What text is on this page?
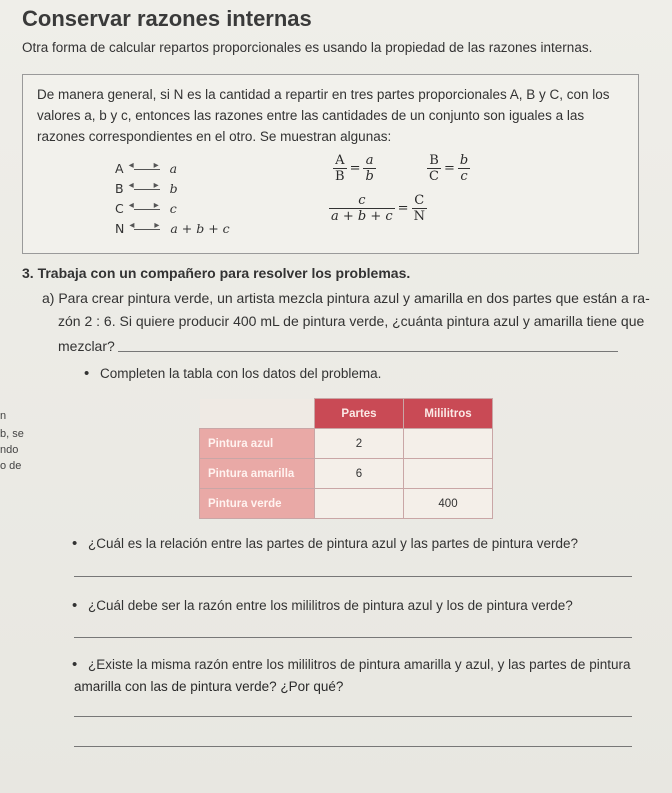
Conservar razones internas
Otra forma de calcular repartos proporcionales es usando la propiedad de las razones internas.
De manera general, si N es la cantidad a repartir en tres partes proporcionales A, B y C, con los
valores a, b y c, entonces las razones entre las cantidades de un conjunto son iguales a las
razones correspondientes en el otro. Se muestran algunas:
A ◂▸	a
B ◂▸	b
C ◂▸	c
N ◂▸	a + b + c
$\frac{A}{B} = \frac{a}{b}$	$\frac{B}{C} = \frac{b}{c}$
$\frac{c}{a + b + c} = \frac{C}{N}$
3. Trabaja con un compañero para resolver los problemas.
a) Para crear pintura verde, un artista mezcla pintura azul y amarilla en dos partes que están a ra-
zón 2 : 6. Si quiere producir 400 mL de pintura verde, ¿cuánta pintura azul y amarilla tiene que
mezclar?
• Completen la tabla con los datos del problema.
n
b, se
ndo
o de
	Partes	Mililitros
Pintura azul	2	
Pintura amarilla	6	
Pintura verde		400
• ¿Cuál es la relación entre las partes de pintura azul y las partes de pintura verde?
• ¿Cuál debe ser la razón entre los mililitros de pintura azul y los de pintura verde?
• ¿Existe la misma razón entre los mililitros de pintura amarilla y azul, y las partes de pintura
amarilla con las de pintura verde? ¿Por qué?
